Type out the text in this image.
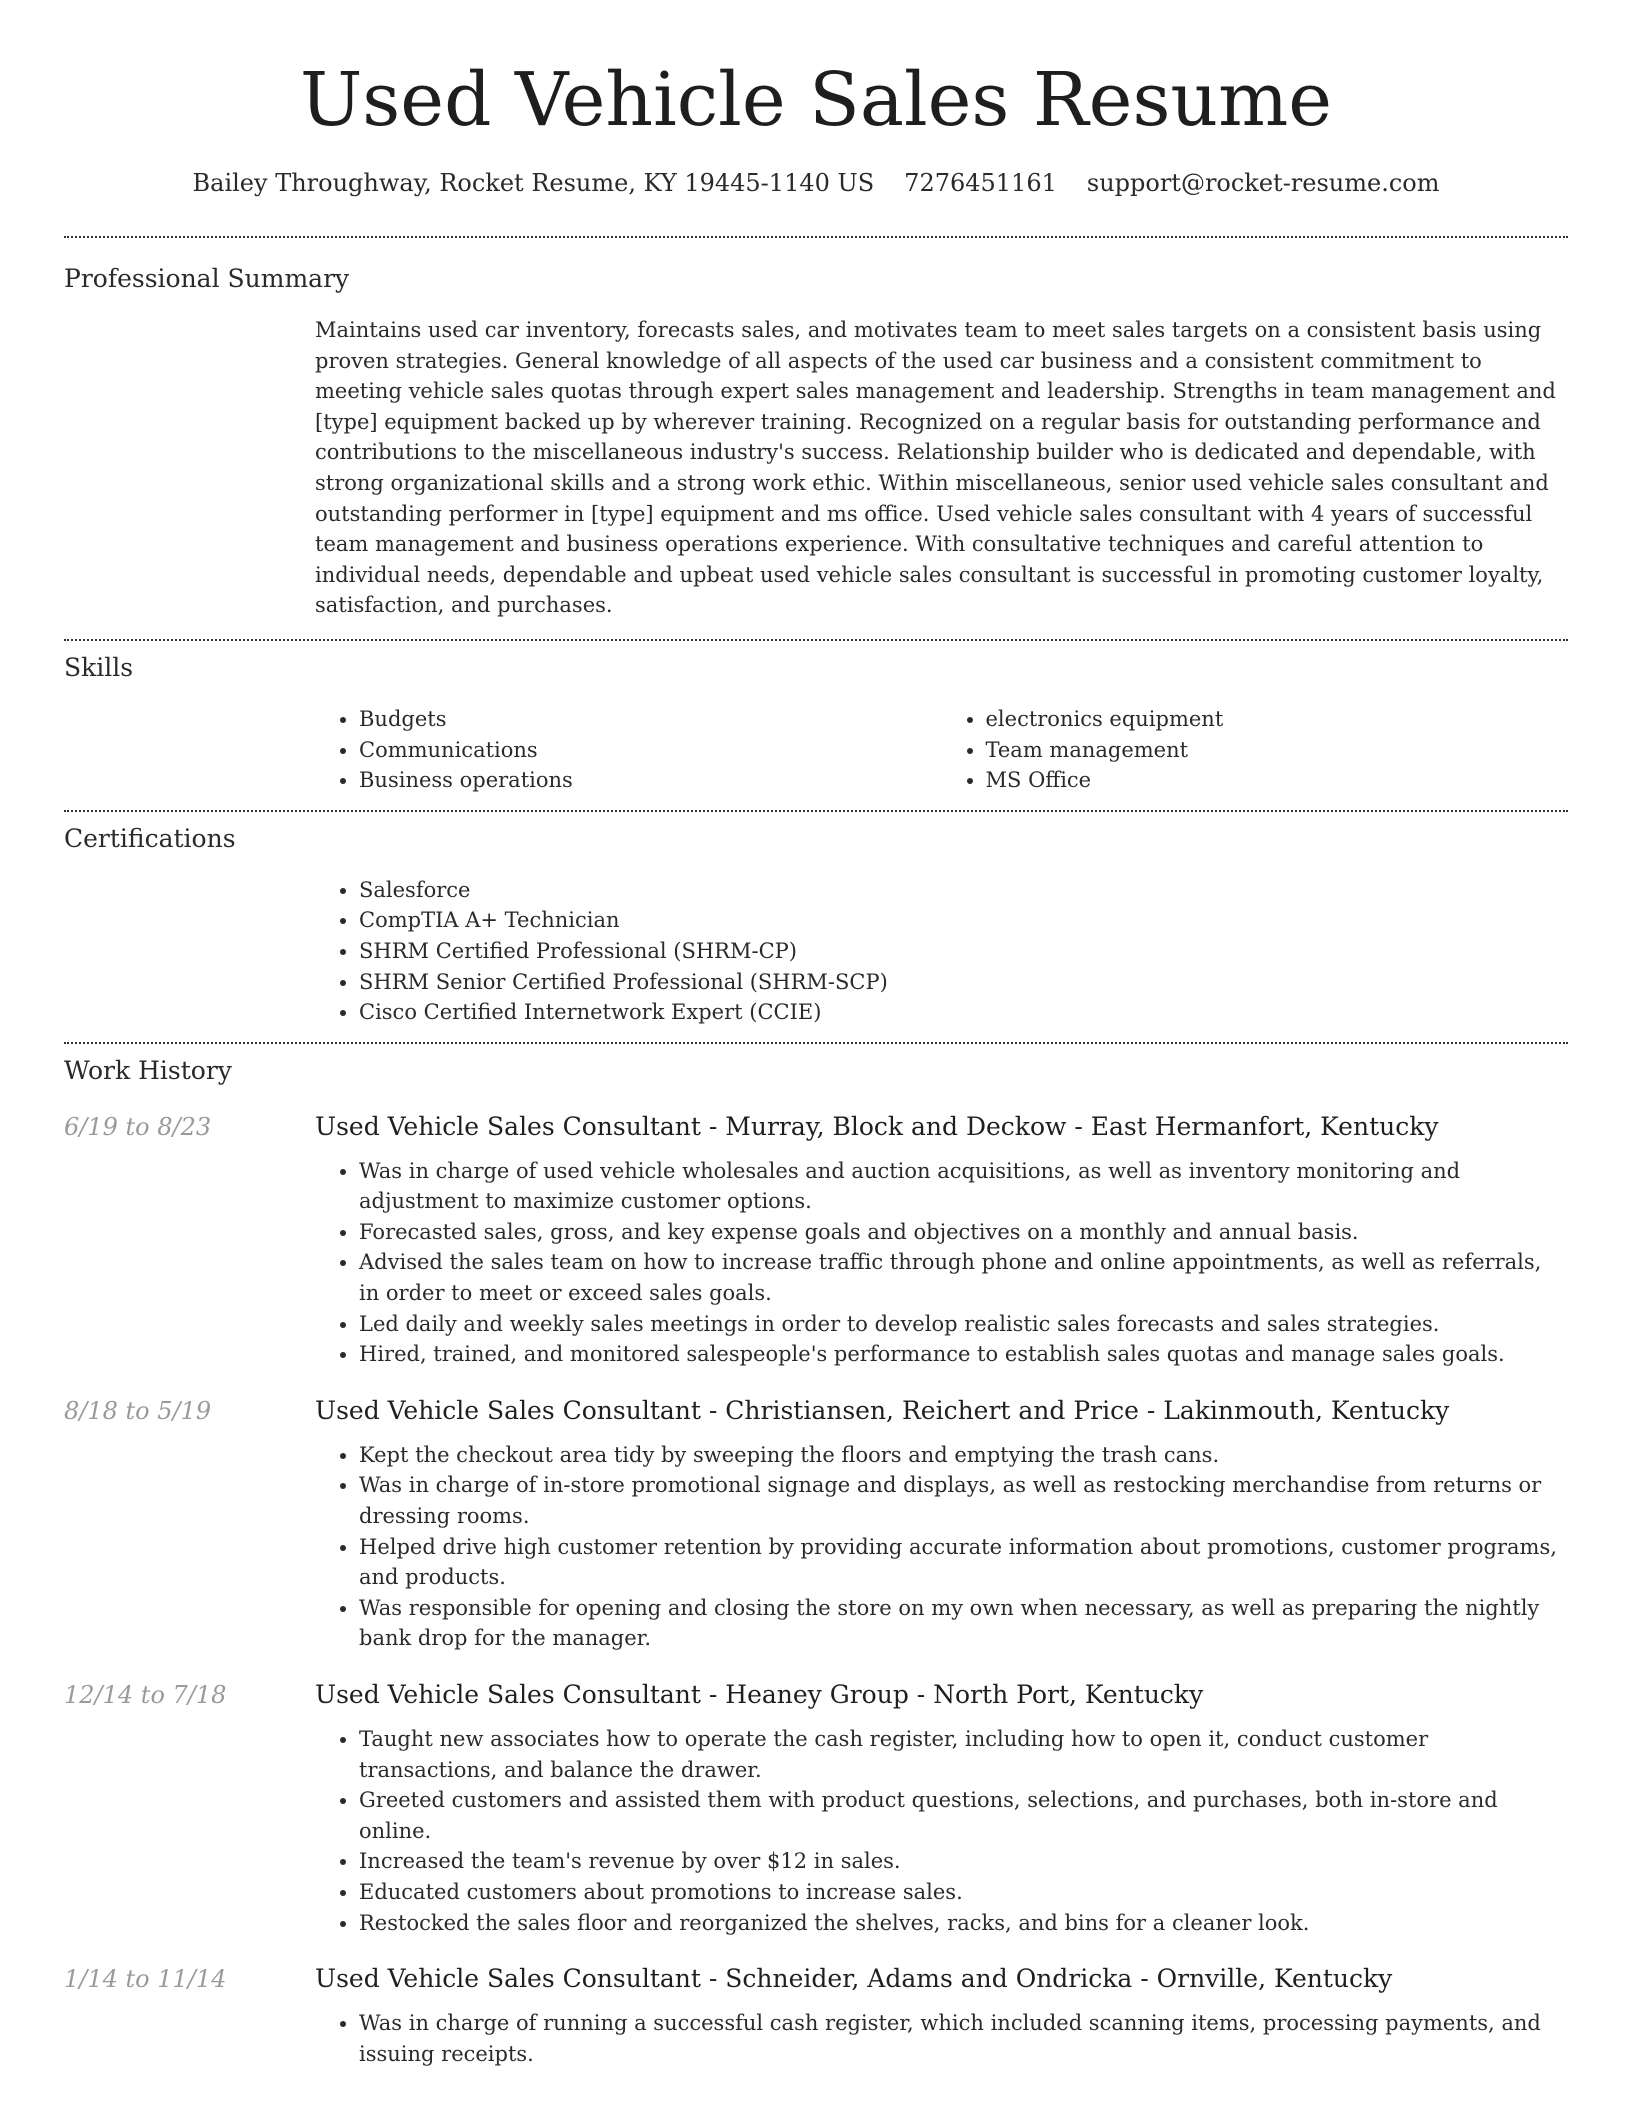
Used Vehicle Sales Resume
Bailey Throughway, Rocket Resume, KY 19445-1140 US 7276451161 support@rocket-resume.com
Professional Summary
Maintains used car inventory, forecasts sales, and motivates team to meet sales targets on a consistent basis using proven strategies. General knowledge of all aspects of the used car business and a consistent commitment to meeting vehicle sales quotas through expert sales management and leadership. Strengths in team management and [type] equipment backed up by wherever training. Recognized on a regular basis for outstanding performance and contributions to the miscellaneous industry's success. Relationship builder who is dedicated and dependable, with strong organizational skills and a strong work ethic. Within miscellaneous, senior used vehicle sales consultant and outstanding performer in [type] equipment and ms office. Used vehicle sales consultant with 4 years of successful team management and business operations experience. With consultative techniques and careful attention to individual needs, dependable and upbeat used vehicle sales consultant is successful in promoting customer loyalty, satisfaction, and purchases.
Skills
• Budgets
• Communications
• Business operations
• electronics equipment
• Team management
• MS Office
Certifications
• Salesforce
• CompTIA A+ Technician
• SHRM Certified Professional (SHRM-CP)
• SHRM Senior Certified Professional (SHRM-SCP)
• Cisco Certified Internetwork Expert (CCIE)
Work History
6/19 to 8/23	Used Vehicle Sales Consultant - Murray, Block and Deckow - East Hermanfort, Kentucky
• Was in charge of used vehicle wholesales and auction acquisitions, as well as inventory monitoring and adjustment to maximize customer options.
• Forecasted sales, gross, and key expense goals and objectives on a monthly and annual basis.
• Advised the sales team on how to increase traffic through phone and online appointments, as well as referrals, in order to meet or exceed sales goals.
• Led daily and weekly sales meetings in order to develop realistic sales forecasts and sales strategies.
• Hired, trained, and monitored salespeople's performance to establish sales quotas and manage sales goals.
8/18 to 5/19	Used Vehicle Sales Consultant - Christiansen, Reichert and Price - Lakinmouth, Kentucky
• Kept the checkout area tidy by sweeping the floors and emptying the trash cans.
• Was in charge of in-store promotional signage and displays, as well as restocking merchandise from returns or dressing rooms.
• Helped drive high customer retention by providing accurate information about promotions, customer programs, and products.
• Was responsible for opening and closing the store on my own when necessary, as well as preparing the nightly bank drop for the manager.
12/14 to 7/18	Used Vehicle Sales Consultant - Heaney Group - North Port, Kentucky
• Taught new associates how to operate the cash register, including how to open it, conduct customer transactions, and balance the drawer.
• Greeted customers and assisted them with product questions, selections, and purchases, both in-store and online.
• Increased the team's revenue by over $12 in sales.
• Educated customers about promotions to increase sales.
• Restocked the sales floor and reorganized the shelves, racks, and bins for a cleaner look.
1/14 to 11/14	Used Vehicle Sales Consultant - Schneider, Adams and Ondricka - Ornville, Kentucky
• Was in charge of running a successful cash register, which included scanning items, processing payments, and issuing receipts.
